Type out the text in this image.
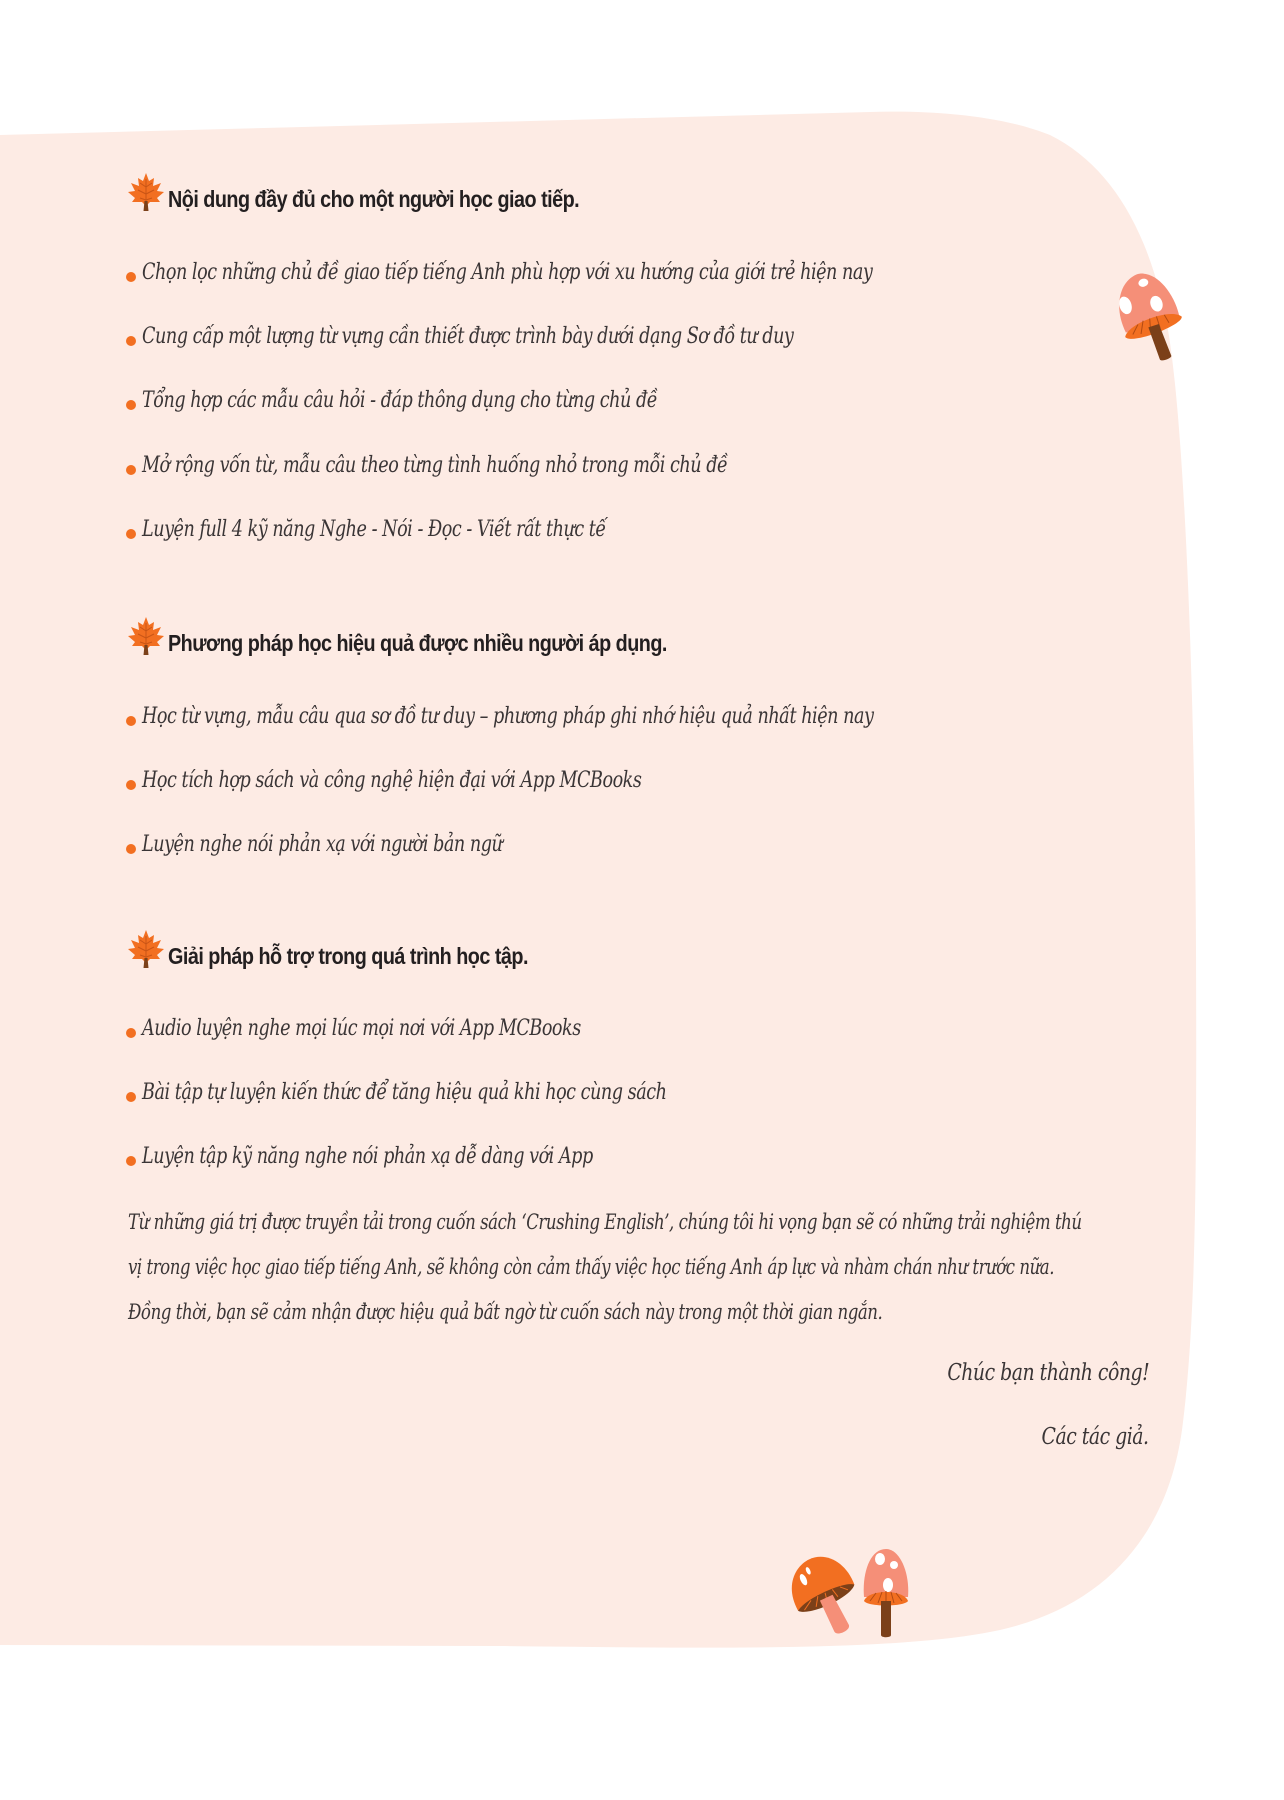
Nội dung đầy đủ cho một người học giao tiếp.
Chọn lọc những chủ đề giao tiếp tiếng Anh phù hợp với xu hướng của giới trẻ hiện nay
Cung cấp một lượng từ vựng cần thiết được trình bày dưới dạng Sơ đồ tư duy
Tổng hợp các mẫu câu hỏi - đáp thông dụng cho từng chủ đề
Mở rộng vốn từ, mẫu câu theo từng tình huống nhỏ trong mỗi chủ đề
Luyện full 4 kỹ năng Nghe - Nói - Đọc - Viết rất thực tế
Phương pháp học hiệu quả được nhiều người áp dụng.
Học từ vựng, mẫu câu qua sơ đồ tư duy – phương pháp ghi nhớ hiệu quả nhất hiện nay
Học tích hợp sách và công nghệ hiện đại với App MCBooks
Luyện nghe nói phản xạ với người bản ngữ
Giải pháp hỗ trợ trong quá trình học tập.
Audio luyện nghe mọi lúc mọi nơi với App MCBooks
Bài tập tự luyện kiến thức để tăng hiệu quả khi học cùng sách
Luyện tập kỹ năng nghe nói phản xạ dễ dàng với App
Từ những giá trị được truyền tải trong cuốn sách ‘Crushing English’, chúng tôi hi vọng bạn sẽ có những trải nghiệm thú
vị trong việc học giao tiếp tiếng Anh, sẽ không còn cảm thấy việc học tiếng Anh áp lực và nhàm chán như trước nữa.
Đồng thời, bạn sẽ cảm nhận được hiệu quả bất ngờ từ cuốn sách này trong một thời gian ngắn.
Chúc bạn thành công!
Các tác giả.
